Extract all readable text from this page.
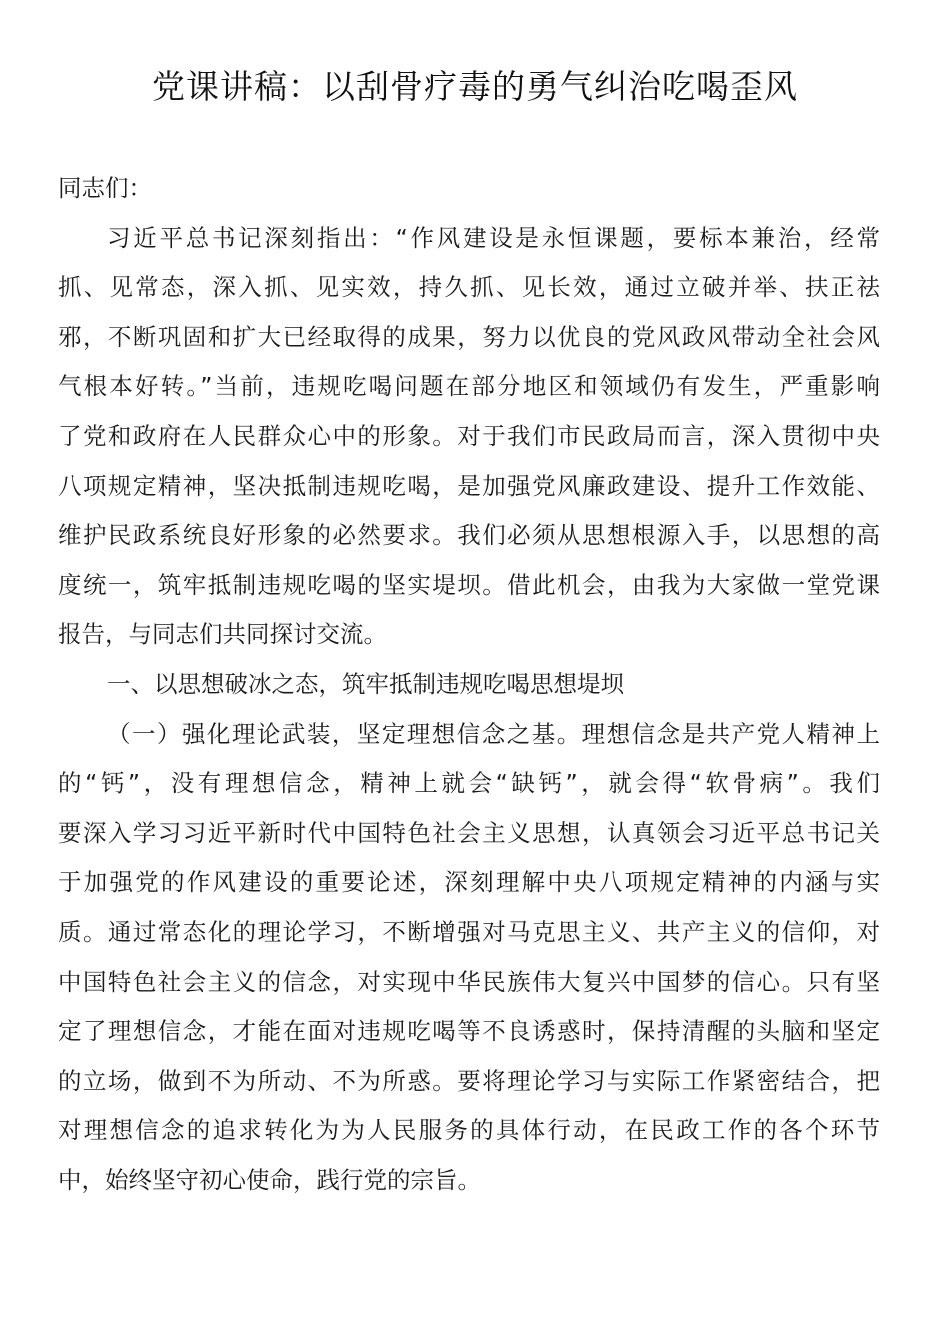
党课讲稿：以刮骨疗毒的勇气纠治吃喝歪风
同志们：
习近平总书记深刻指出：“作风建设是永恒课题，要标本兼治，经常
抓、见常态，深入抓、见实效，持久抓、见长效，通过立破并举、扶正祛
邪，不断巩固和扩大已经取得的成果，努力以优良的党风政风带动全社会风
气根本好转。”当前，违规吃喝问题在部分地区和领域仍有发生，严重影响
了党和政府在人民群众心中的形象。对于我们市民政局而言，深入贯彻中央
八项规定精神，坚决抵制违规吃喝，是加强党风廉政建设、提升工作效能、
维护民政系统良好形象的必然要求。我们必须从思想根源入手，以思想的高
度统一，筑牢抵制违规吃喝的坚实堤坝。借此机会，由我为大家做一堂党课
报告，与同志们共同探讨交流。
一、以思想破冰之态，筑牢抵制违规吃喝思想堤坝
（一）强化理论武装，坚定理想信念之基。理想信念是共产党人精神上
的“钙”，没有理想信念，精神上就会“缺钙”，就会得“软骨病”。我们
要深入学习习近平新时代中国特色社会主义思想，认真领会习近平总书记关
于加强党的作风建设的重要论述，深刻理解中央八项规定精神的内涵与实
质。通过常态化的理论学习，不断增强对马克思主义、共产主义的信仰，对
中国特色社会主义的信念，对实现中华民族伟大复兴中国梦的信心。只有坚
定了理想信念，才能在面对违规吃喝等不良诱惑时，保持清醒的头脑和坚定
的立场，做到不为所动、不为所惑。要将理论学习与实际工作紧密结合，把
对理想信念的追求转化为为人民服务的具体行动，在民政工作的各个环节
中，始终坚守初心使命，践行党的宗旨。
